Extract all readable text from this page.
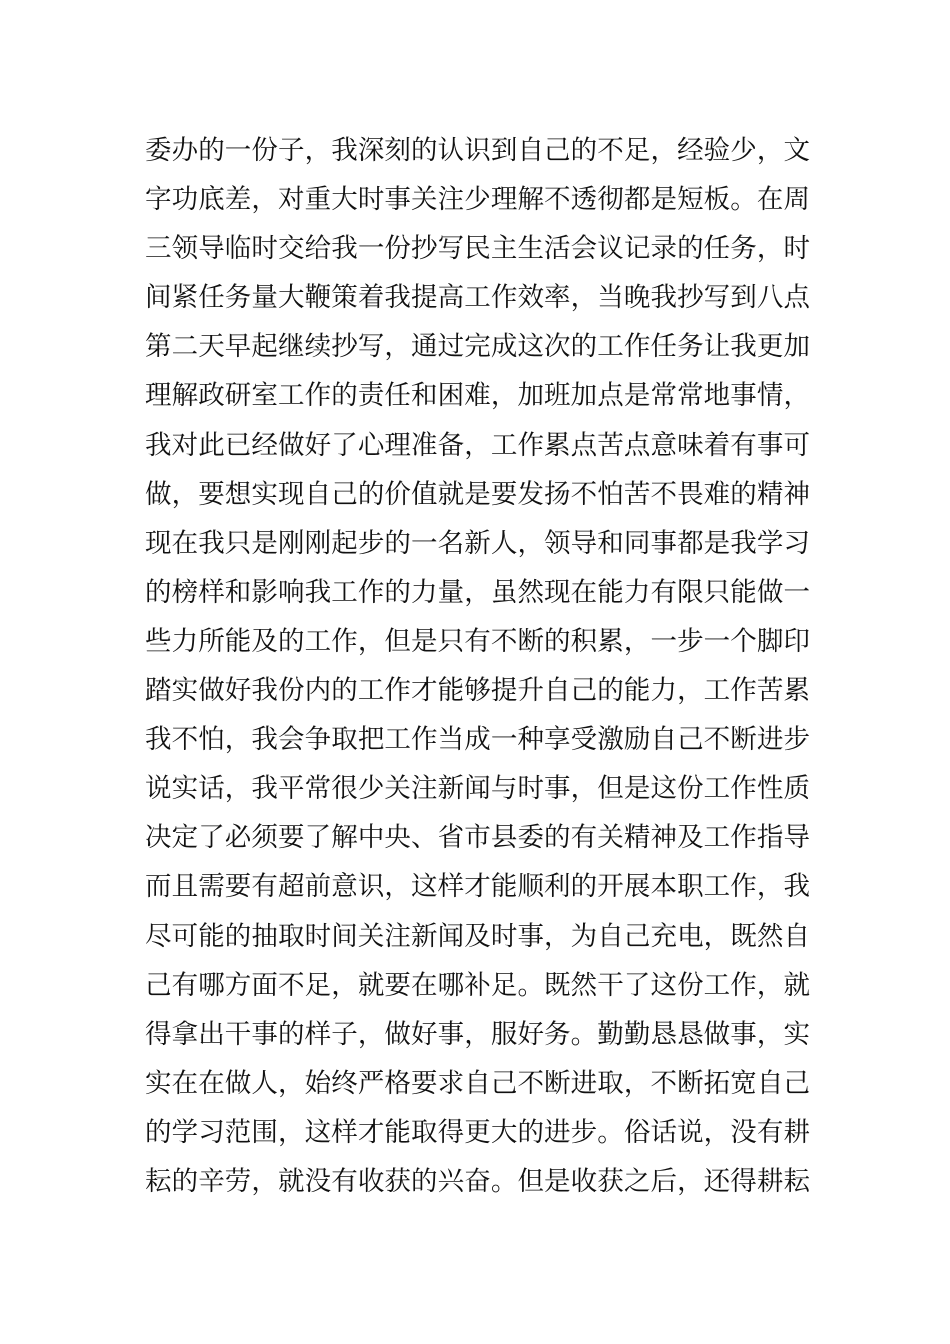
委办的一份子，我深刻的认识到自己的不足，经验少，文
字功底差，对重大时事关注少理解不透彻都是短板。在周
三领导临时交给我一份抄写民主生活会议记录的任务，时
间紧任务量大鞭策着我提高工作效率，当晚我抄写到八点
第二天早起继续抄写，通过完成这次的工作任务让我更加
理解政研室工作的责任和困难，加班加点是常常地事情，
我对此已经做好了心理准备，工作累点苦点意味着有事可
做，要想实现自己的价值就是要发扬不怕苦不畏难的精神
现在我只是刚刚起步的一名新人，领导和同事都是我学习
的榜样和影响我工作的力量，虽然现在能力有限只能做一
些力所能及的工作，但是只有不断的积累，一步一个脚印
踏实做好我份内的工作才能够提升自己的能力，工作苦累
我不怕，我会争取把工作当成一种享受激励自己不断进步
说实话，我平常很少关注新闻与时事，但是这份工作性质
决定了必须要了解中央、省市县委的有关精神及工作指导
而且需要有超前意识，这样才能顺利的开展本职工作，我
尽可能的抽取时间关注新闻及时事，为自己充电，既然自
己有哪方面不足，就要在哪补足。既然干了这份工作，就
得拿出干事的样子，做好事，服好务。勤勤恳恳做事，实
实在在做人，始终严格要求自己不断进取，不断拓宽自己
的学习范围，这样才能取得更大的进步。俗话说，没有耕
耘的辛劳，就没有收获的兴奋。但是收获之后，还得耕耘
